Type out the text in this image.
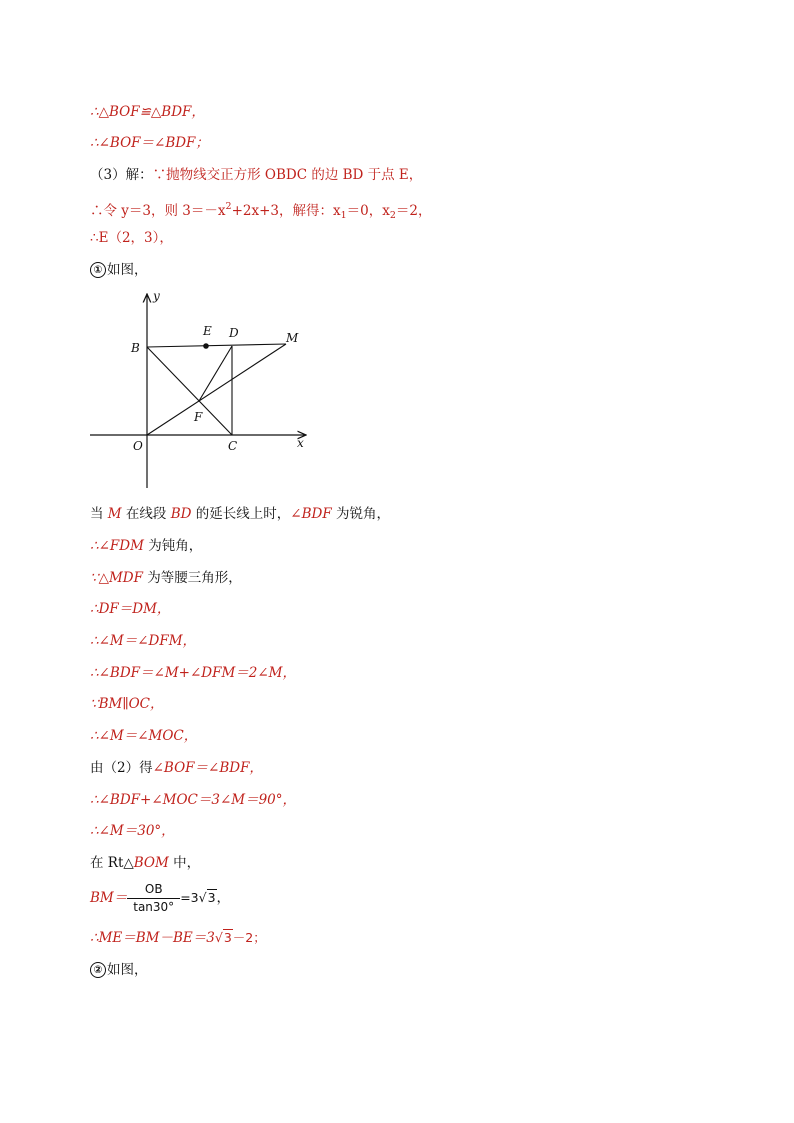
∴△BOF≌△BDF，
∴∠BOF＝∠BDF；
（3）解：∵抛物线交正方形 OBDC 的边 BD 于点 E，
∴令 y＝3，则 $3=-x^2+2x+3$，解得：$x_1=0$，$x_2=2$，
∴E（2，3），
① 如图，
y
x
O
B
C
D
E
F
M
当 M 在线段 BD 的延长线上时，∠BDF 为锐角，
∴∠FDM 为钝角，
∵△MDF 为等腰三角形，
∴DF＝DM，
∴∠M＝∠DFM，
∴∠BDF＝∠M+∠DFM＝2∠M，
∵BM∥OC，
∴∠M＝∠MOC，
由（2）得∠BOF＝∠BDF，
∴∠BDF+∠MOC＝3∠M＝90°，
∴∠M＝30°，
在 Rt△BOM 中，
$BM= \frac{OB}{\tan 30^\circ} =3√3$，
∴ME＝BM－BE＝3√3－2；
② 如图，
